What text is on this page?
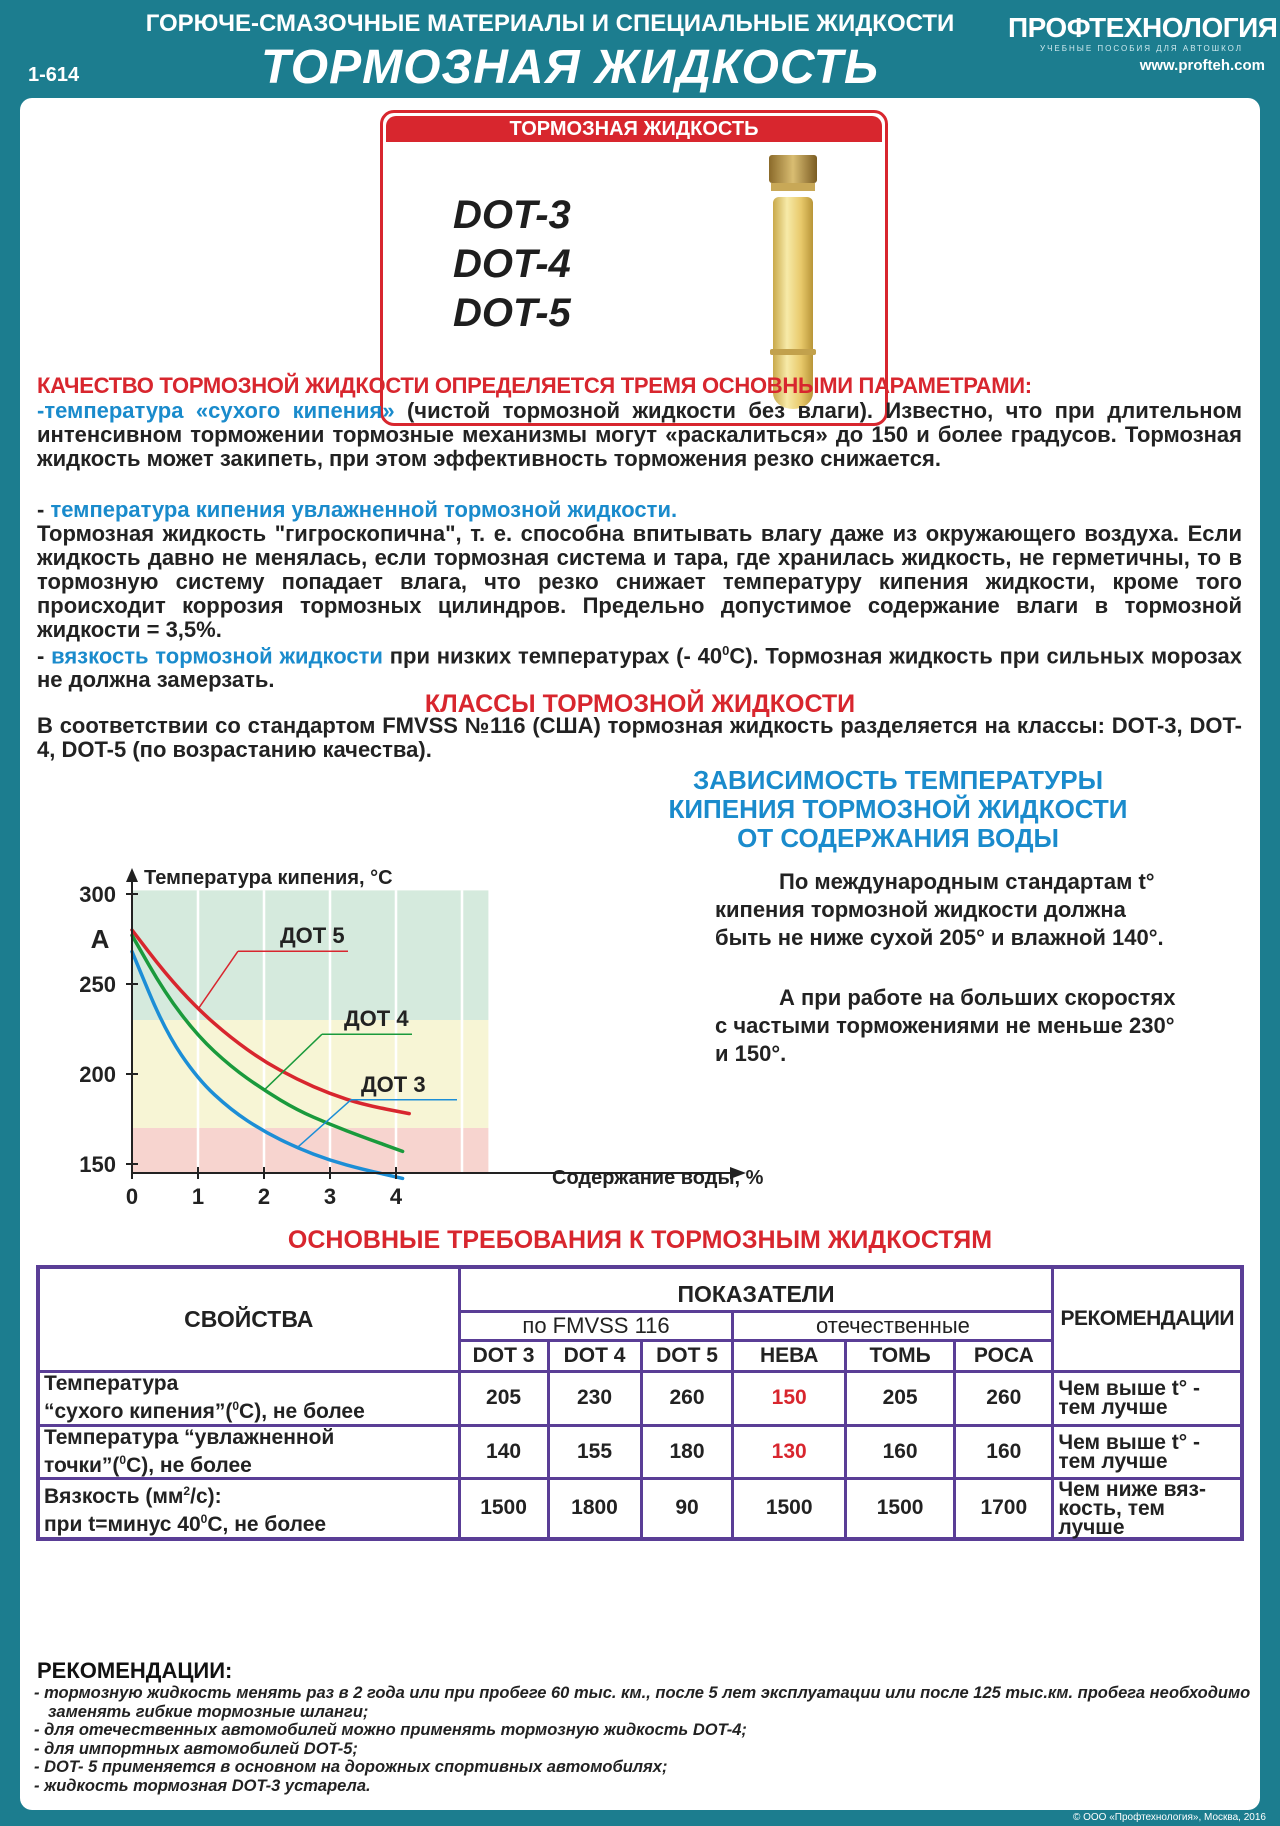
ГОРЮЧЕ-СМАЗОЧНЫЕ МАТЕРИАЛЫ И СПЕЦИАЛЬНЫЕ ЖИДКОСТИ
ТОРМОЗНАЯ ЖИДКОСТЬ
1-614
ПРОФТЕХНОЛОГИЯ
УЧЕБНЫЕ ПОСОБИЯ ДЛЯ АВТОШКОЛ
www.profteh.com
ТОРМОЗНАЯ ЖИДКОСТЬ
DOT-3
DOT-4
DOT-5
КАЧЕСТВО ТОРМОЗНОЙ ЖИДКОСТИ ОПРЕДЕЛЯЕТСЯ ТРЕМЯ ОСНОВНЫМИ ПАРАМЕТРАМИ:
-температура «сухого кипения» (чистой тормозной жидкости без влаги). Известно, что при длительном интенсивном торможении тормозные механизмы могут «раскалиться» до 150 и более градусов. Тормозная жидкость может закипеть, при этом эффективность торможения резко снижается.
- температура кипения увлажненной тормозной жидкости.
Тормозная жидкость "гигроскопична", т. е. способна впитывать влагу даже из окружающего воздуха. Если жидкость давно не менялась, если тормозная система и тара, где хранилась жидкость, не герметичны, то в тормозную систему попадает влага, что резко снижает температуру кипения жидкости, кроме того происходит коррозия тормозных цилиндров. Предельно допустимое содержание влаги в тормозной жидкости = 3,5%.
- вязкость тормозной жидкости при низких температурах (- $40^0С$). Тормозная жидкость при сильных морозах не должна замерзать.
КЛАССЫ ТОРМОЗНОЙ ЖИДКОСТИ
В соответствии со стандартом FMVSS №116 (США) тормозная жидкость разделяется на классы: DOT-3, DOT-4, DOT-5 (по возрастанию качества).
Температура кипения, °С
Содержание воды, %
0 1 2 3 4
150
200
250
300
А	ДОТ 5
ДОТ 4
ДОТ 3
ЗАВИСИМОСТЬ ТЕМПЕРАТУРЫ
КИПЕНИЯ ТОРМОЗНОЙ ЖИДКОСТИ
ОТ СОДЕРЖАНИЯ ВОДЫ
По международным стандартам t° кипения тормозной жидкости должна быть не ниже сухой 205° и влажной 140°.
А при работе на больших скоростях с частыми торможениями не меньше 230° и 150°.
ОСНОВНЫЕ ТРЕБОВАНИЯ К ТОРМОЗНЫМ ЖИДКОСТЯМ
СВОЙСТВА	ПОКАЗАТЕЛИ						РЕКОМЕНДАЦИИ
	по FMVSS 116			отечественные			
	DOT 3	DOT 4	DOT 5	НЕВА	ТОМЬ	РОСА	

Температура
“сухого кипения”($^0$С), не более	205	230	260	150	205	260	Чем выше t° - тем лучше

Температура “увлажненной
точки”($^0$С), не более	140	155	180	130	160	160	Чем выше t° - тем лучше

Вязкость $(мм^2/с)$:
при t=минус $40^0С$, не более	1500	1800	90	1500	1500	1700	Чем ниже вяз-кость, тем лучше
РЕКОМЕНДАЦИИ:
- тормозную жидкость менять раз в 2 года или при пробеге 60 тыс. км., после 5 лет эксплуатации или после 125 тыс.км. пробега необходимо заменять гибкие тормозные шланги;
- для отечественных автомобилей можно применять тормозную жидкость DOT-4;
- для импортных автомобилей DOT-5;
- DOT- 5 применяется в основном на дорожных спортивных автомобилях;
- жидкость тормозная DOT-3 устарела.
© ООО «Профтехнология», Москва, 2016
